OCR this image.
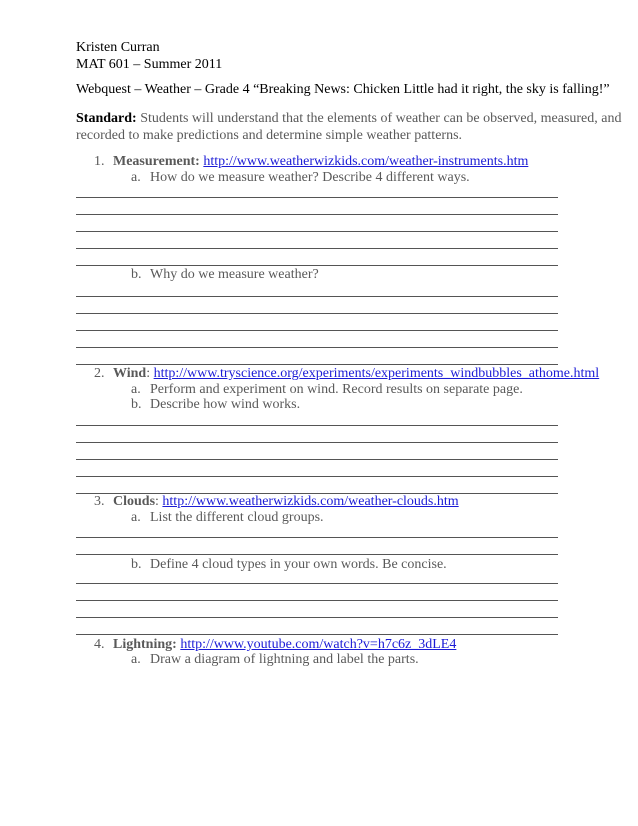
Kristen Curran
MAT 601 – Summer 2011
Webquest – Weather – Grade 4 “Breaking News: Chicken Little had it right, the sky is falling!”
Standard: Students will understand that the elements of weather can be observed, measured, and
recorded to make predictions and determine simple weather patterns.
1. Measurement: http://www.weatherwizkids.com/weather-instruments.htm
a. How do we measure weather? Describe 4 different ways.
b. Why do we measure weather?
2. Wind: http://www.tryscience.org/experiments/experiments_windbubbles_athome.html
a. Perform and experiment on wind. Record results on separate page.
b. Describe how wind works.
3. Clouds: http://www.weatherwizkids.com/weather-clouds.htm
a. List the different cloud groups.
b. Define 4 cloud types in your own words. Be concise.
4. Lightning: http://www.youtube.com/watch?v=h7c6z_3dLE4
a. Draw a diagram of lightning and label the parts.
